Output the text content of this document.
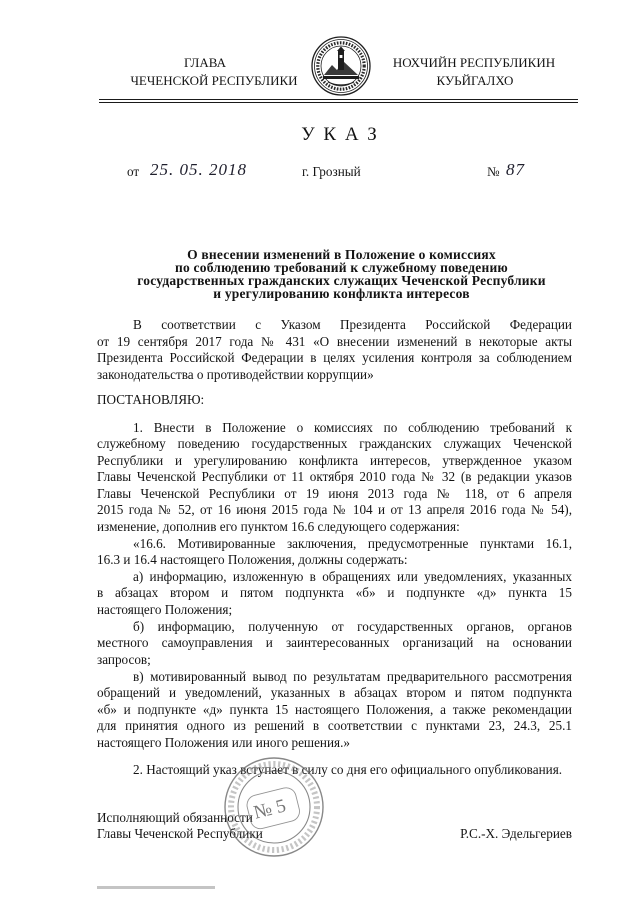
ГЛАВА
ЧЕЧЕНСКОЙ РЕСПУБЛИКИ
НОХЧИЙН РЕСПУБЛИКИН
КУЬЙГАЛХО
У К А З
от 25. 05. 2018	г. Грозный	№ 87
О внесении изменений в Положение о комиссиях
по соблюдению требований к служебному поведению
государственных гражданских служащих Чеченской Республики
и урегулированию конфликта интересов
В соответствии с Указом Президента Российской Федерации
от 19 сентября 2017 года № 431 «О внесении изменений в некоторые акты
Президента Российской Федерации в целях усиления контроля за соблюдением
законодательства о противодействии коррупции»
ПОСТАНОВЛЯЮ:
1. Внести в Положение о комиссиях по соблюдению требований к
служебному поведению государственных гражданских служащих Чеченской
Республики и урегулированию конфликта интересов, утвержденное указом
Главы Чеченской Республики от 11 октября 2010 года № 32 (в редакции указов
Главы Чеченской Республики от 19 июня 2013 года № 118, от 6 апреля
2015 года № 52, от 16 июня 2015 года № 104 и от 13 апреля 2016 года № 54),
изменение, дополнив его пунктом 16.6 следующего содержания:
«16.6. Мотивированные заключения, предусмотренные пунктами 16.1,
16.3 и 16.4 настоящего Положения, должны содержать:
а) информацию, изложенную в обращениях или уведомлениях, указанных
в абзацах втором и пятом подпункта «б» и подпункте «д» пункта 15
настоящего Положения;
б) информацию, полученную от государственных органов, органов
местного самоуправления и заинтересованных организаций на основании
запросов;
в) мотивированный вывод по результатам предварительного рассмотрения
обращений и уведомлений, указанных в абзацах втором и пятом подпункта
«б» и подпункте «д» пункта 15 настоящего Положения, а также рекомендации
для принятия одного из решений в соответствии с пунктами 23, 24.3, 25.1
настоящего Положения или иного решения.»
2. Настоящий указ вступает в силу со дня его официального опубликования.
Исполняющий обязанности
Главы Чеченской Республики	Р.С.-Х. Эдельгериев
№ 5
